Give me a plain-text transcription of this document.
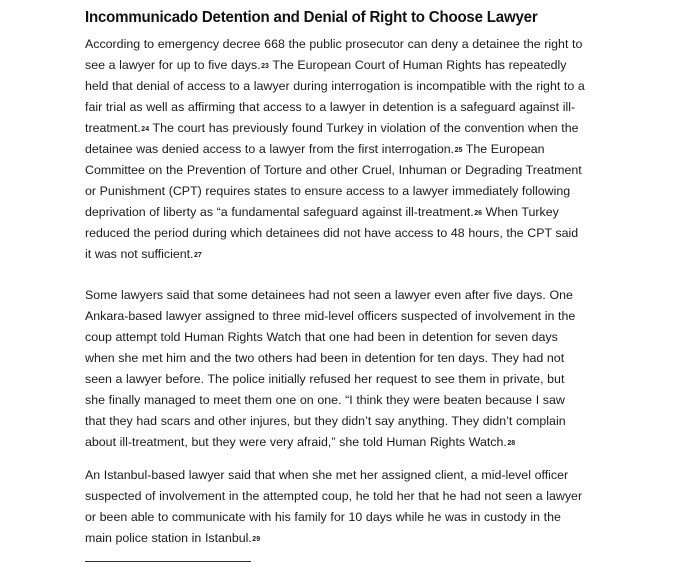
Incommunicado Detention and Denial of Right to Choose Lawyer

According to emergency decree 668 the public prosecutor can deny a detainee the right to see a lawyer for up to five days.$^{23}$ The European Court of Human Rights has repeatedly held that denial of access to a lawyer during interrogation is incompatible with the right to a fair trial as well as affirming that access to a lawyer in detention is a safeguard against ill-treatment.$^{24}$ The court has previously found Turkey in violation of the convention when the detainee was denied access to a lawyer from the first interrogation.$^{25}$ The European Committee on the Prevention of Torture and other Cruel, Inhuman or Degrading Treatment or Punishment (CPT) requires states to ensure access to a lawyer immediately following deprivation of liberty as “a fundamental safeguard against ill-treatment.$^{26}$ When Turkey reduced the period during which detainees did not have access to 48 hours, the CPT said it was not sufficient.$^{27}$

Some lawyers said that some detainees had not seen a lawyer even after five days. One Ankara-based lawyer assigned to three mid-level officers suspected of involvement in the coup attempt told Human Rights Watch that one had been in detention for seven days when she met him and the two others had been in detention for ten days. They had not seen a lawyer before. The police initially refused her request to see them in private, but she finally managed to meet them one on one. “I think they were beaten because I saw that they had scars and other injures, but they didn’t say anything. They didn’t complain about ill-treatment, but they were very afraid,” she told Human Rights Watch.$^{28}$

An Istanbul-based lawyer said that when she met her assigned client, a mid-level officer suspected of involvement in the attempted coup, he told her that he had not seen a lawyer or been able to communicate with his family for 10 days while he was in custody in the main police station in Istanbul.$^{29}$
